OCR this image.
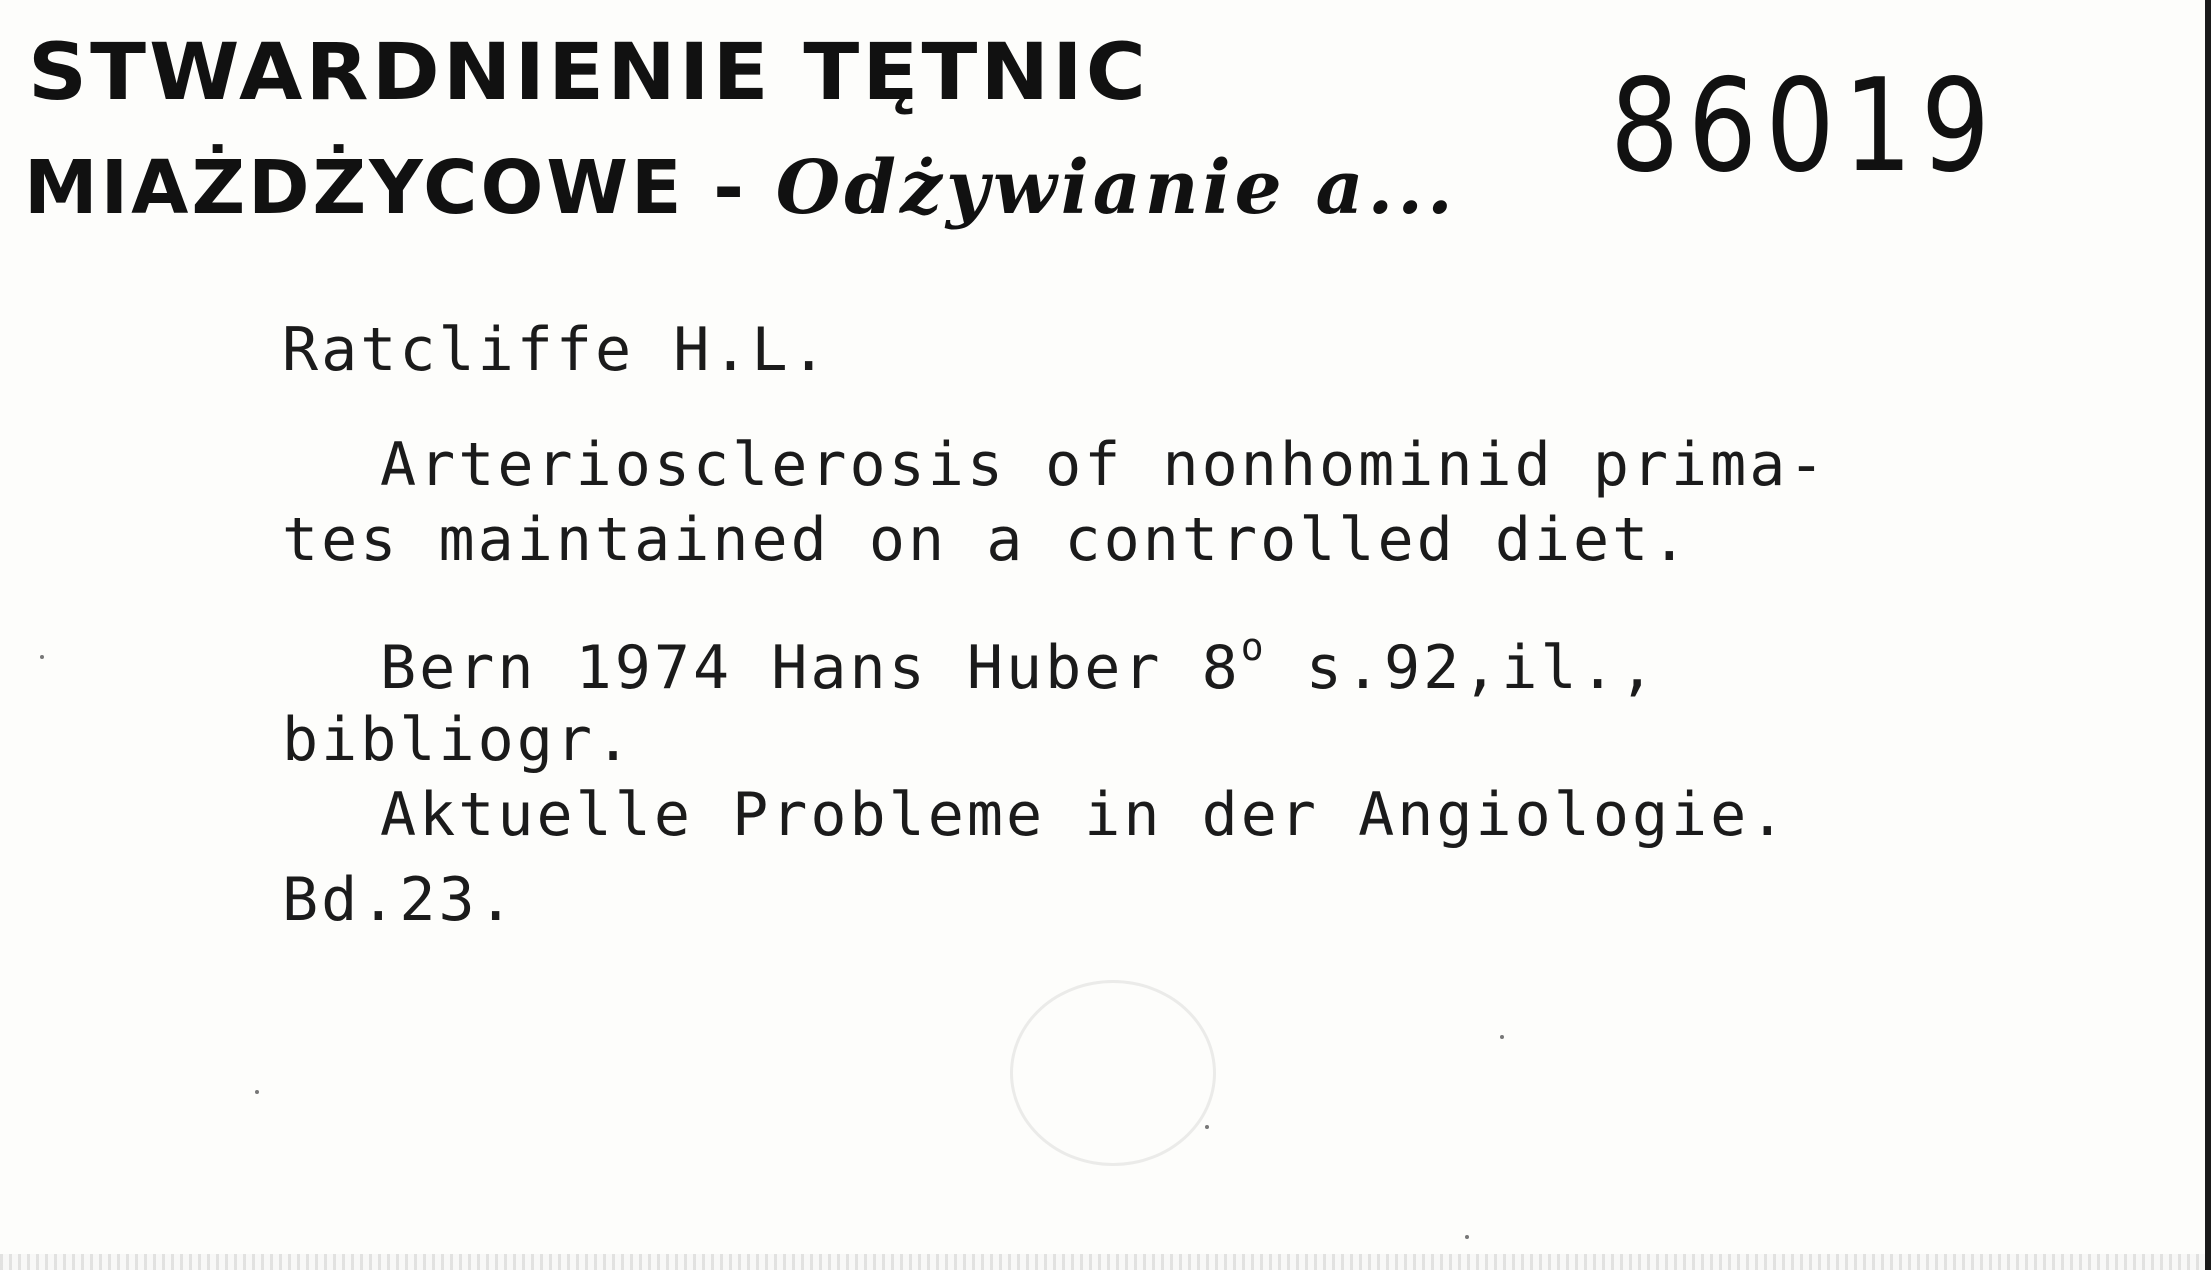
STWARDNIENIE TĘTNIC
MIAŻDŻYCOWE - Odżywianie a... 86019
Ratcliffe H.L.
Arteriosclerosis of nonhominid prima-
tes maintained on a controlled diet.
Bern 1974 Hans Huber 8$^o$ s.92,il.,
bibliogr.
Aktuelle Probleme in der Angiologie.
Bd.23.
